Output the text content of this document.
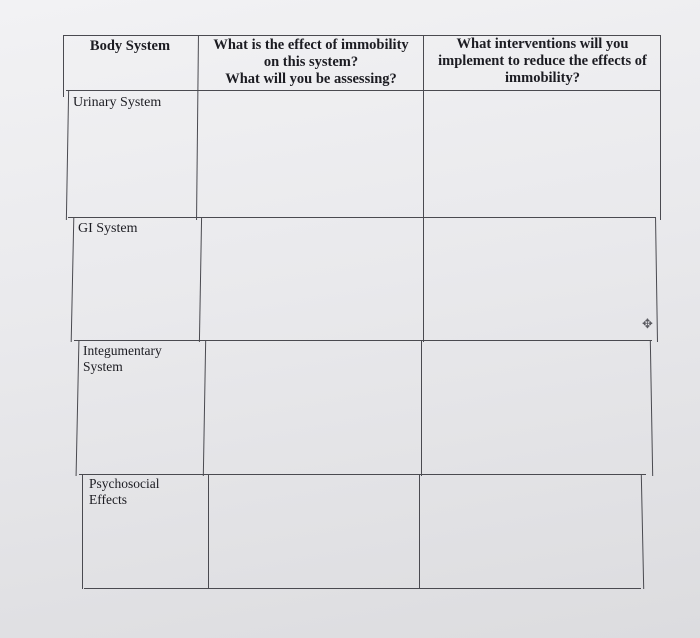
Body System	What is the effect of immobility
on this system?
What will you be assessing?
What interventions will you
implement to reduce the effects of
immobility?
Urinary System
GI System
Integumentary
System
Psychosocial
Effects
✥
